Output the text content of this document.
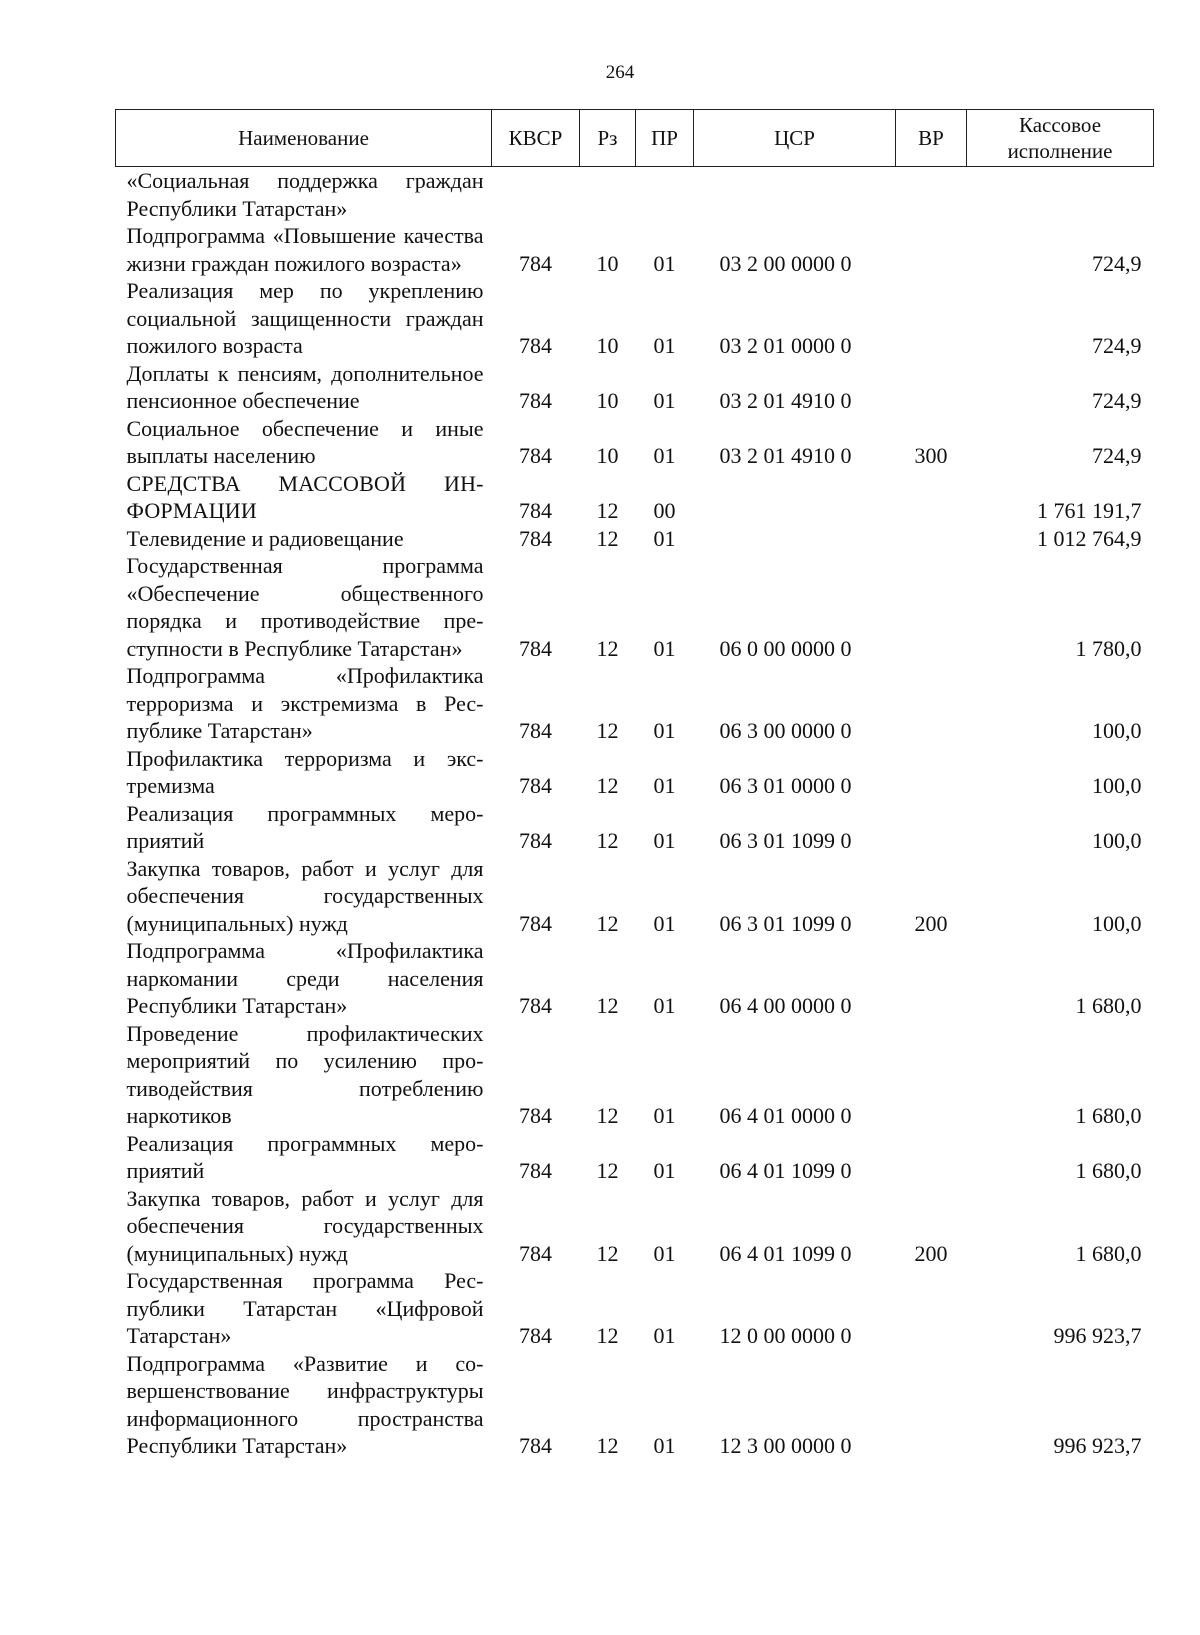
264
Наименование	КВСР	Рз	ПР	ЦСР	ВР	Кассовое исполнение
«Социальная поддержка граждан Республики Татарстан»						
Подпрограмма «Повышение качества жизни граждан пожилого возраста»	784	10	01	03 2 00 0000 0		724,9
Реализация мер по укреплению социальной защищенности граждан пожилого возраста	784	10	01	03 2 01 0000 0		724,9
Доплаты к пенсиям, дополнительное пенсионное обеспечение	784	10	01	03 2 01 4910 0		724,9
Социальное обеспечение и иные выплаты населению	784	10	01	03 2 01 4910 0	300	724,9
СРЕДСТВА МАССОВОЙ ИНФОРМАЦИИ	784	12	00			1 761 191,7
Телевидение и радиовещание	784	12	01			1 012 764,9
Государственная программа «Обеспечение общественного порядка и противодействие преступности в Республике Татарстан»	784	12	01	06 0 00 0000 0		1 780,0
Подпрограмма «Профилактика терроризма и экстремизма в Республике Татарстан»	784	12	01	06 3 00 0000 0		100,0
Профилактика терроризма и экстремизма	784	12	01	06 3 01 0000 0		100,0
Реализация программных мероприятий	784	12	01	06 3 01 1099 0		100,0
Закупка товаров, работ и услуг для обеспечения государственных (муниципальных) нужд	784	12	01	06 3 01 1099 0	200	100,0
Подпрограмма «Профилактика наркомании среди населения Республики Татарстан»	784	12	01	06 4 00 0000 0		1 680,0
Проведение профилактических мероприятий по усилению противодействия потреблению наркотиков	784	12	01	06 4 01 0000 0		1 680,0
Реализация программных мероприятий	784	12	01	06 4 01 1099 0		1 680,0
Закупка товаров, работ и услуг для обеспечения государственных (муниципальных) нужд	784	12	01	06 4 01 1099 0	200	1 680,0
Государственная программа Республики Татарстан «Цифровой Татарстан»	784	12	01	12 0 00 0000 0		996 923,7
Подпрограмма «Развитие и совершенствование инфраструктуры информационного пространства Республики Татарстан»	784	12	01	12 3 00 0000 0		996 923,7
